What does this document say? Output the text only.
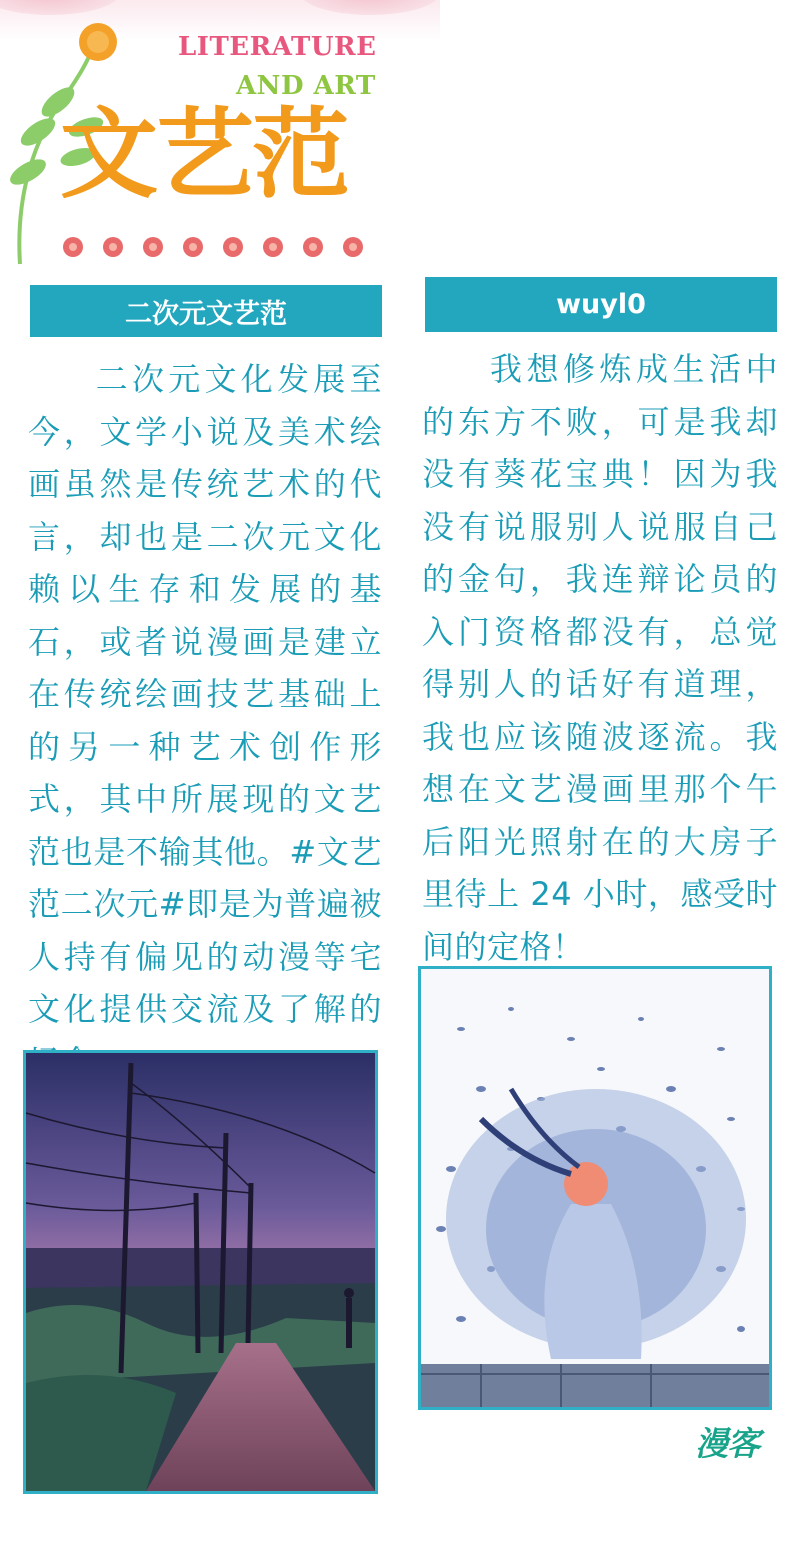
LITERATURE
AND ART
文艺范
二次元文艺范	wuyl0

二次元文化发展至今，文学小说及美术绘画虽然是传统艺术的代言，却也是二次元文化赖以生存和发展的基石，或者说漫画是建立在传统绘画技艺基础上的另一种艺术创作形式，其中所展现的文艺范也是不输其他。#文艺范二次元#即是为普遍被人持有偏见的动漫等宅文化提供交流及了解的

我想修炼成生活中的东方不败，可是我却没有葵花宝典！因为我没有说服别人说服自己的金句，我连辩论员的入门资格都没有，总觉得别人的话好有道理，我也应该随波逐流。我想在文艺漫画里那个午后阳光照射在的大房子里待上 24 小时，感受时间的定格！

漫客
